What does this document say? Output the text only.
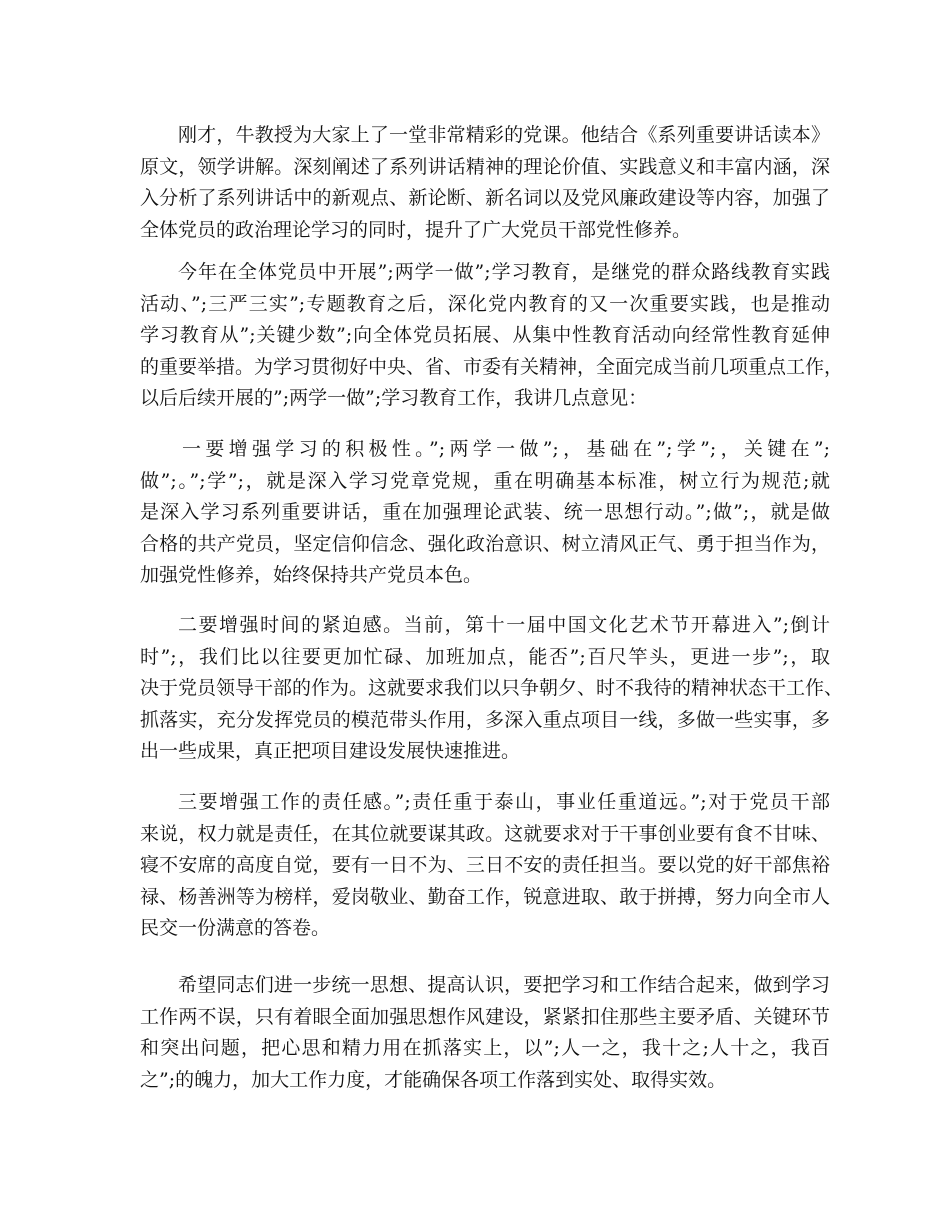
刚才，牛教授为大家上了一堂非常精彩的党课。他结合《系列重要讲话读本》
原文，领学讲解。深刻阐述了系列讲话精神的理论价值、实践意义和丰富内涵，深
入分析了系列讲话中的新观点、新论断、新名词以及党风廉政建设等内容，加强了
全体党员的政治理论学习的同时，提升了广大党员干部党性修养。
今年在全体党员中开展”;两学一做”;学习教育，是继党的群众路线教育实践
活动、”;三严三实”;专题教育之后，深化党内教育的又一次重要实践，也是推动
学习教育从”;关键少数”;向全体党员拓展、从集中性教育活动向经常性教育延伸
的重要举措。为学习贯彻好中央、省、市委有关精神，全面完成当前几项重点工作，
以后后续开展的”;两学一做”;学习教育工作，我讲几点意见：
一要增强学习的积极性。”;两学一做”;，基础在”;学”;，关键在”;
做”;。”;学”;，就是深入学习党章党规，重在明确基本标准，树立行为规范;就
是深入学习系列重要讲话，重在加强理论武装、统一思想行动。”;做”;，就是做
合格的共产党员，坚定信仰信念、强化政治意识、树立清风正气、勇于担当作为，
加强党性修养，始终保持共产党员本色。
二要增强时间的紧迫感。当前，第十一届中国文化艺术节开幕进入”;倒计
时”;，我们比以往要更加忙碌、加班加点，能否”;百尺竿头，更进一步”;，取
决于党员领导干部的作为。这就要求我们以只争朝夕、时不我待的精神状态干工作、
抓落实，充分发挥党员的模范带头作用，多深入重点项目一线，多做一些实事，多
出一些成果，真正把项目建设发展快速推进。
三要增强工作的责任感。”;责任重于泰山，事业任重道远。”;对于党员干部
来说，权力就是责任，在其位就要谋其政。这就要求对于干事创业要有食不甘味、
寝不安席的高度自觉，要有一日不为、三日不安的责任担当。要以党的好干部焦裕
禄、杨善洲等为榜样，爱岗敬业、勤奋工作，锐意进取、敢于拼搏，努力向全市人
民交一份满意的答卷。
希望同志们进一步统一思想、提高认识，要把学习和工作结合起来，做到学习
工作两不误，只有着眼全面加强思想作风建设，紧紧扣住那些主要矛盾、关键环节
和突出问题，把心思和精力用在抓落实上，以”;人一之，我十之;人十之，我百
之”;的魄力，加大工作力度，才能确保各项工作落到实处、取得实效。
